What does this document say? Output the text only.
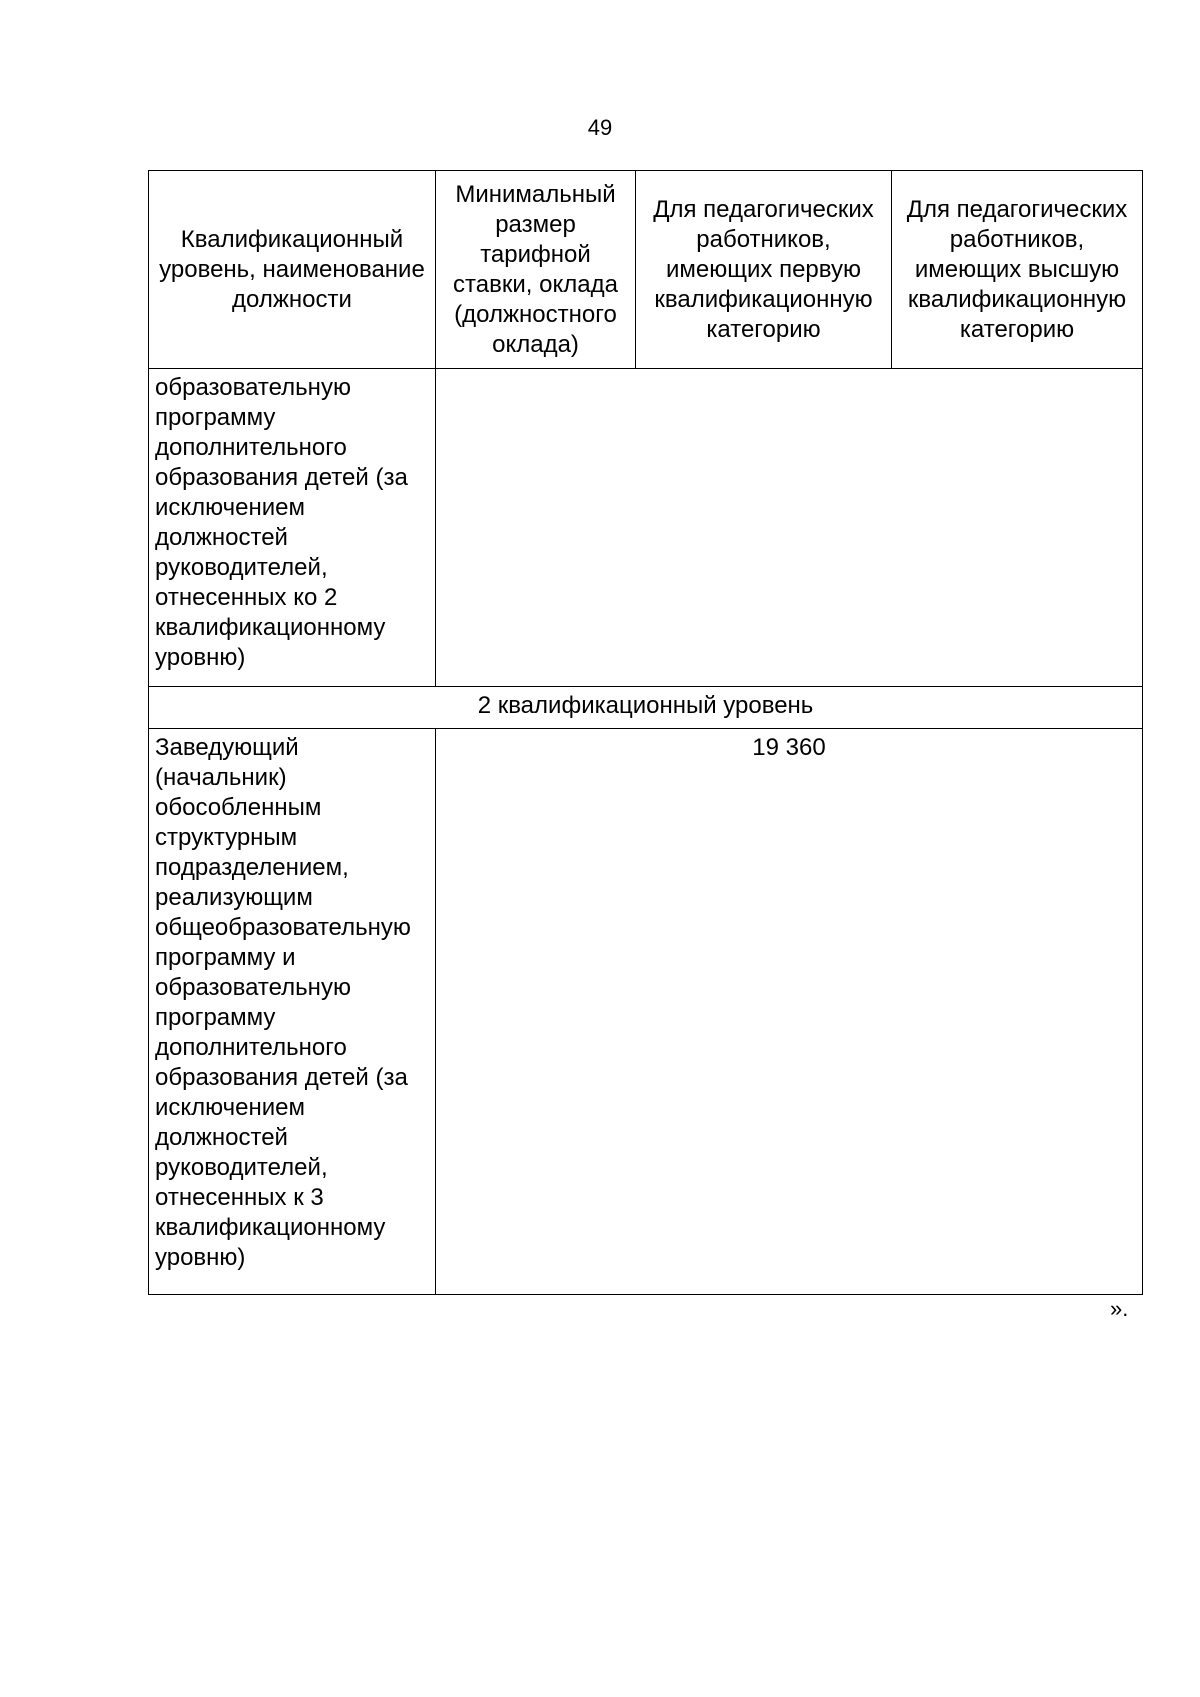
49
Квалификационный уровень, наименование должности	Минимальный размер тарифной ставки, оклада (должностного оклада)	Для педагогических работников, имеющих первую квалификационную категорию	Для педагогических работников, имеющих высшую квалификационную категорию
образовательную программу дополнительного образования детей (за исключением должностей руководителей, отнесенных ко 2 квалификационному уровню)			
2 квалификационный уровень			
Заведующий (начальник) обособленным структурным подразделением, реализующим общеобразовательную программу и образовательную программу дополнительного образования детей (за исключением должностей руководителей, отнесенных к 3 квалификационному уровню)	19 360		
».
